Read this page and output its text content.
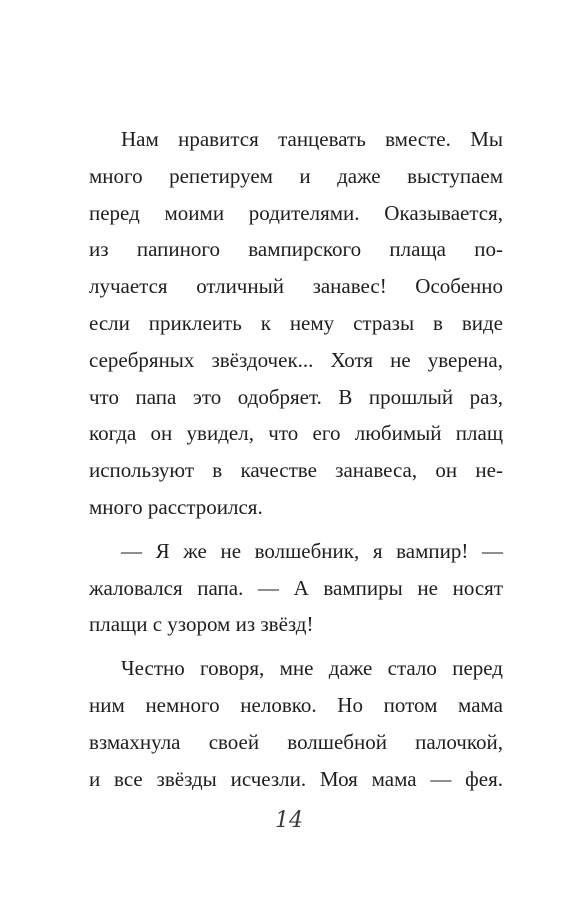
Нам нравится танцевать вместе. Мы
много репетируем и даже выступаем
перед моими родителями. Оказывается,
из папиного вампирского плаща по-
лучается отличный занавес! Особенно
если приклеить к нему стразы в виде
серебряных звёздочек... Хотя не уверена,
что папа это одобряет. В прошлый раз,
когда он увидел, что его любимый плащ
используют в качестве занавеса, он не-
много расстроился.
— Я же не волшебник, я вампир! —
жаловался папа. — А вампиры не носят
плащи с узором из звёзд!
Честно говоря, мне даже стало перед
ним немного неловко. Но потом мама
взмахнула своей волшебной палочкой,
и все звёзды исчезли. Моя мама — фея.
14
